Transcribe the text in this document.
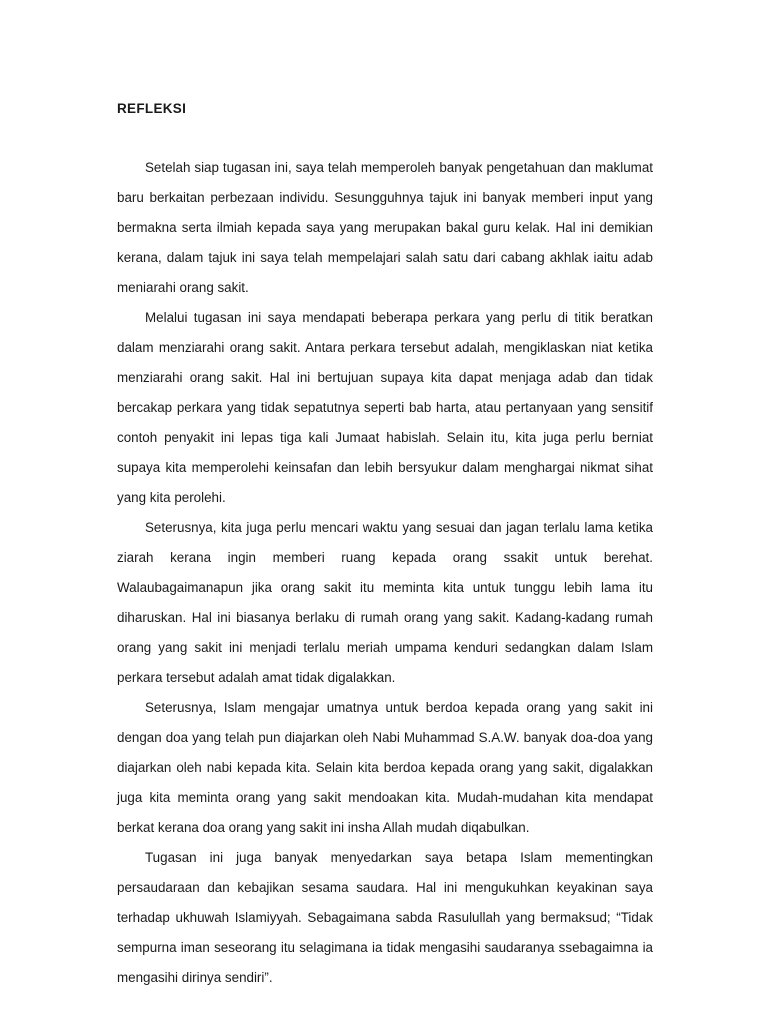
REFLEKSI

Setelah siap tugasan ini, saya telah memperoleh banyak pengetahuan dan maklumat baru berkaitan perbezaan individu. Sesungguhnya tajuk ini banyak memberi input yang bermakna serta ilmiah kepada saya yang merupakan bakal guru kelak. Hal ini demikian kerana, dalam tajuk ini saya telah mempelajari salah satu dari cabang akhlak iaitu adab meniarahi orang sakit.

Melalui tugasan ini saya mendapati beberapa perkara yang perlu di titik beratkan dalam menziarahi orang sakit. Antara perkara tersebut adalah, mengiklaskan niat ketika menziarahi orang sakit. Hal ini bertujuan supaya kita dapat menjaga adab dan tidak bercakap perkara yang tidak sepatutnya seperti bab harta, atau pertanyaan yang sensitif contoh penyakit ini lepas tiga kali Jumaat habislah. Selain itu, kita juga perlu berniat supaya kita memperolehi keinsafan dan lebih bersyukur dalam menghargai nikmat sihat yang kita perolehi.

Seterusnya, kita juga perlu mencari waktu yang sesuai dan jagan terlalu lama ketika ziarah kerana ingin memberi ruang kepada orang ssakit untuk berehat. Walaubagaimanapun jika orang sakit itu meminta kita untuk tunggu lebih lama itu diharuskan. Hal ini biasanya berlaku di rumah orang yang sakit. Kadang-kadang rumah orang yang sakit ini menjadi terlalu meriah umpama kenduri sedangkan dalam Islam perkara tersebut adalah amat tidak digalakkan.

Seterusnya, Islam mengajar umatnya untuk berdoa kepada orang yang sakit ini dengan doa yang telah pun diajarkan oleh Nabi Muhammad S.A.W. banyak doa-doa yang diajarkan oleh nabi kepada kita. Selain kita berdoa kepada orang yang sakit, digalakkan juga kita meminta orang yang sakit mendoakan kita. Mudah-mudahan kita mendapat berkat kerana doa orang yang sakit ini insha Allah mudah diqabulkan.

Tugasan ini juga banyak menyedarkan saya betapa Islam mementingkan persaudaraan dan kebajikan sesama saudara. Hal ini mengukuhkan keyakinan saya terhadap ukhuwah Islamiyyah. Sebagaimana sabda Rasulullah yang bermaksud; “Tidak sempurna iman seseorang itu selagimana ia tidak mengasihi saudaranya ssebagaimna ia mengasihi dirinya sendiri”.
